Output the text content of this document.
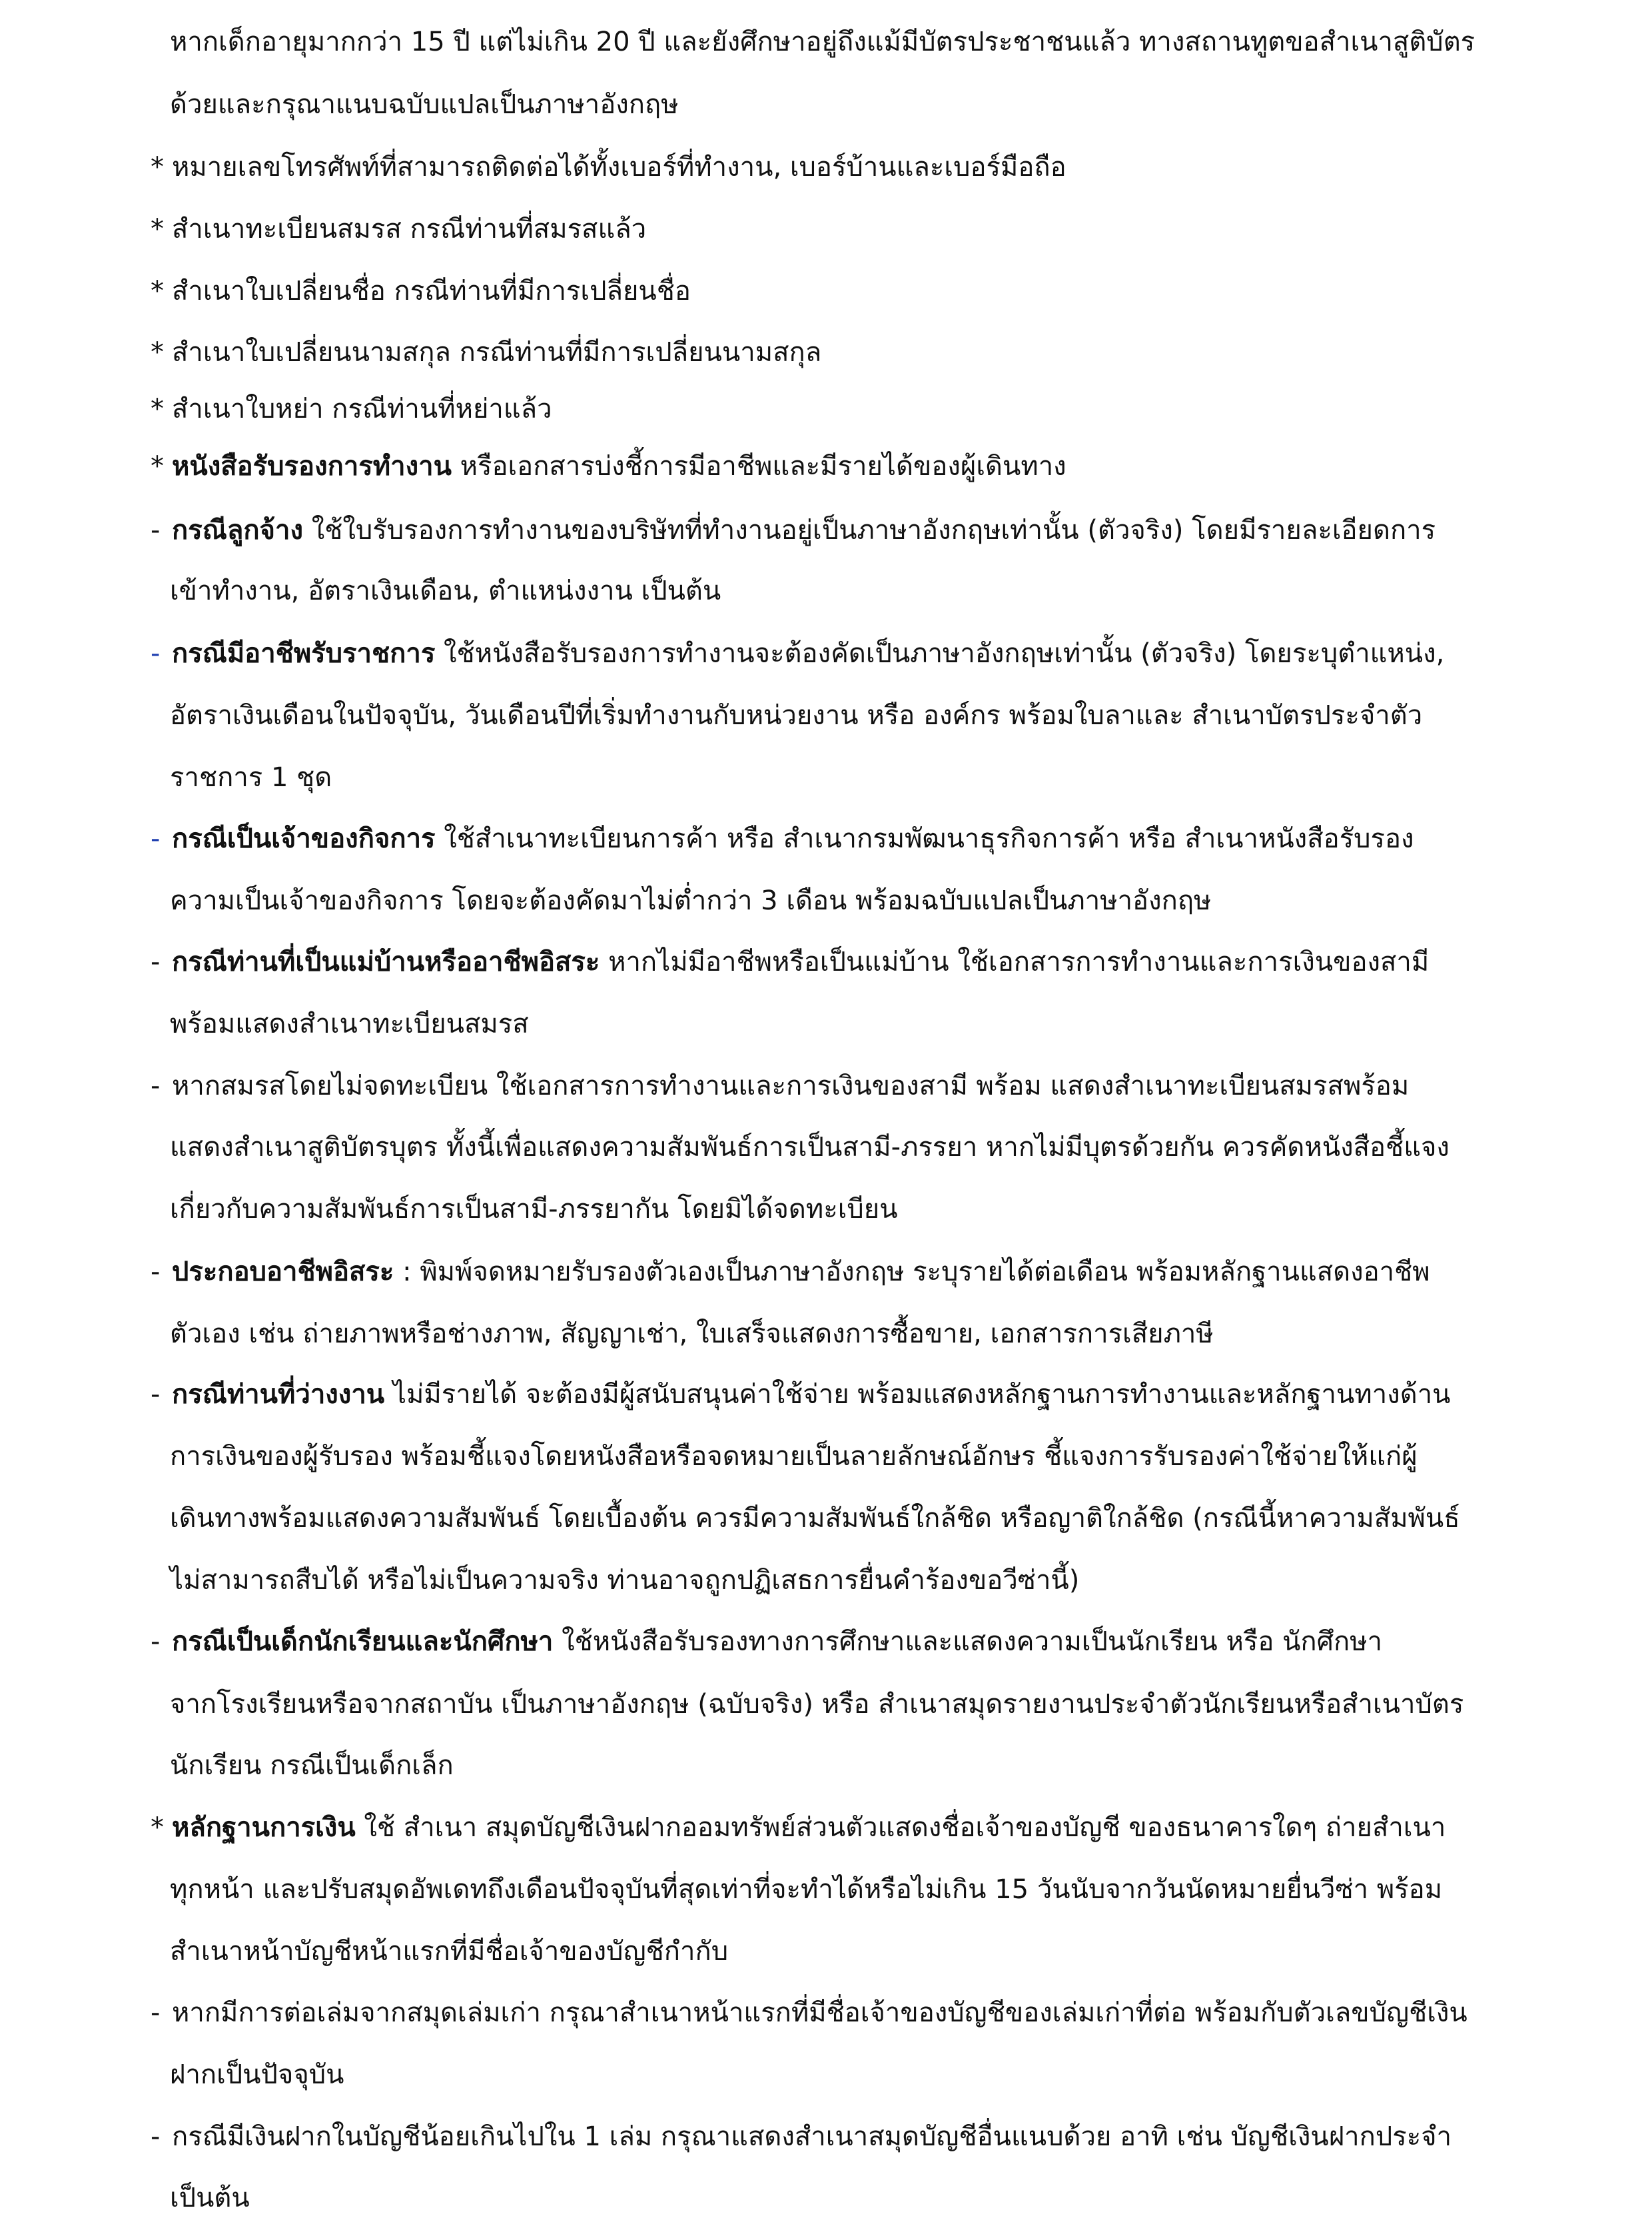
หากเด็กอายุมากกว่า 15 ปี แต่ไม่เกิน 20 ปี และยังศึกษาอยู่ถึงแม้มีบัตรประชาชนแล้ว ทางสถานทูตขอสำเนาสูติบัตร
ด้วยและกรุณาแนบฉบับแปลเป็นภาษาอังกฤษ
* หมายเลขโทรศัพท์ที่สามารถติดต่อได้ทั้งเบอร์ที่ทำงาน, เบอร์บ้านและเบอร์มือถือ
* สำเนาทะเบียนสมรส กรณีท่านที่สมรสแล้ว
* สำเนาใบเปลี่ยนชื่อ กรณีท่านที่มีการเปลี่ยนชื่อ
* สำเนาใบเปลี่ยนนามสกุล กรณีท่านที่มีการเปลี่ยนนามสกุล
* สำเนาใบหย่า กรณีท่านที่หย่าแล้ว
* หนังสือรับรองการทำงาน หรือเอกสารบ่งชี้การมีอาชีพและมีรายได้ของผู้เดินทาง
- กรณีลูกจ้าง ใช้ใบรับรองการทำงานของบริษัทที่ทำงานอยู่เป็นภาษาอังกฤษเท่านั้น (ตัวจริง) โดยมีรายละเอียดการ
เข้าทำงาน, อัตราเงินเดือน, ตำแหน่งงาน เป็นต้น
- กรณีมีอาชีพรับราชการ ใช้หนังสือรับรองการทำงานจะต้องคัดเป็นภาษาอังกฤษเท่านั้น (ตัวจริง) โดยระบุตำแหน่ง,
อัตราเงินเดือนในปัจจุบัน, วันเดือนปีที่เริ่มทำงานกับหน่วยงาน หรือ องค์กร พร้อมใบลาและ สำเนาบัตรประจำตัว
ราชการ 1 ชุด
- กรณีเป็นเจ้าของกิจการ ใช้สำเนาทะเบียนการค้า หรือ สำเนากรมพัฒนาธุรกิจการค้า หรือ สำเนาหนังสือรับรอง
ความเป็นเจ้าของกิจการ โดยจะต้องคัดมาไม่ต่ำกว่า 3 เดือน พร้อมฉบับแปลเป็นภาษาอังกฤษ
- กรณีท่านที่เป็นแม่บ้านหรืออาชีพอิสระ หากไม่มีอาชีพหรือเป็นแม่บ้าน ใช้เอกสารการทำงานและการเงินของสามี
พร้อมแสดงสำเนาทะเบียนสมรส
- หากสมรสโดยไม่จดทะเบียน ใช้เอกสารการทำงานและการเงินของสามี พร้อม แสดงสำเนาทะเบียนสมรสพร้อม
แสดงสำเนาสูติบัตรบุตร ทั้งนี้เพื่อแสดงความสัมพันธ์การเป็นสามี-ภรรยา หากไม่มีบุตรด้วยกัน ควรคัดหนังสือชี้แจง
เกี่ยวกับความสัมพันธ์การเป็นสามี-ภรรยากัน โดยมิได้จดทะเบียน
- ประกอบอาชีพอิสระ : พิมพ์จดหมายรับรองตัวเองเป็นภาษาอังกฤษ ระบุรายได้ต่อเดือน พร้อมหลักฐานแสดงอาชีพ
ตัวเอง เช่น ถ่ายภาพหรือช่างภาพ, สัญญาเช่า, ใบเสร็จแสดงการซื้อขาย, เอกสารการเสียภาษี
- กรณีท่านที่ว่างงาน ไม่มีรายได้ จะต้องมีผู้สนับสนุนค่าใช้จ่าย พร้อมแสดงหลักฐานการทำงานและหลักฐานทางด้าน
การเงินของผู้รับรอง พร้อมชี้แจงโดยหนังสือหรือจดหมายเป็นลายลักษณ์อักษร ชี้แจงการรับรองค่าใช้จ่ายให้แก่ผู้
เดินทางพร้อมแสดงความสัมพันธ์ โดยเบื้องต้น ควรมีความสัมพันธ์ใกล้ชิด หรือญาติใกล้ชิด (กรณีนี้หาความสัมพันธ์
ไม่สามารถสืบได้ หรือไม่เป็นความจริง ท่านอาจถูกปฏิเสธการยื่นคำร้องขอวีซ่านี้)
- กรณีเป็นเด็กนักเรียนและนักศึกษา ใช้หนังสือรับรองทางการศึกษาและแสดงความเป็นนักเรียน หรือ นักศึกษา
จากโรงเรียนหรือจากสถาบัน เป็นภาษาอังกฤษ (ฉบับจริง) หรือ สำเนาสมุดรายงานประจำตัวนักเรียนหรือสำเนาบัตร
นักเรียน กรณีเป็นเด็กเล็ก
* หลักฐานการเงิน ใช้ สำเนา สมุดบัญชีเงินฝากออมทรัพย์ส่วนตัวแสดงชื่อเจ้าของบัญชี ของธนาคารใดๆ ถ่ายสำเนา
ทุกหน้า และปรับสมุดอัพเดทถึงเดือนปัจจุบันที่สุดเท่าที่จะทำได้หรือไม่เกิน 15 วันนับจากวันนัดหมายยื่นวีซ่า พร้อม
สำเนาหน้าบัญชีหน้าแรกที่มีชื่อเจ้าของบัญชีกำกับ
- หากมีการต่อเล่มจากสมุดเล่มเก่า กรุณาสำเนาหน้าแรกที่มีชื่อเจ้าของบัญชีของเล่มเก่าที่ต่อ พร้อมกับตัวเลขบัญชีเงิน
ฝากเป็นปัจจุบัน
- กรณีมีเงินฝากในบัญชีน้อยเกินไปใน 1 เล่ม กรุณาแสดงสำเนาสมุดบัญชีอื่นแนบด้วย อาทิ เช่น บัญชีเงินฝากประจำ
เป็นต้น
